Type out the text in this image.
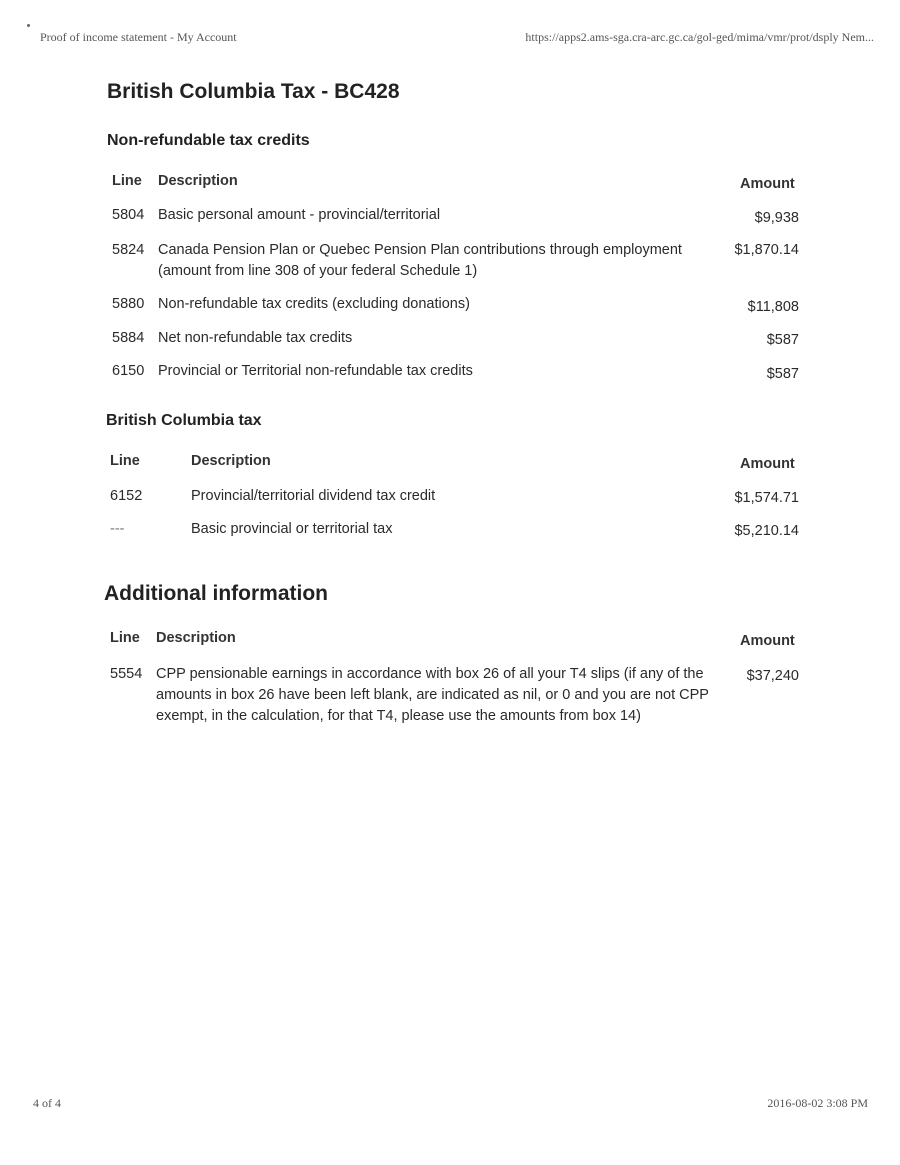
Proof of income statement - My Account	https://apps2.ams-sga.cra-arc.gc.ca/gol-ged/mima/vmr/prot/dsply Nem...
British Columbia Tax - BC428
Non-refundable tax credits
Line Description	Amount
5804 Basic personal amount - provincial/territorial	$9,938
5824 Canada Pension Plan or Quebec Pension Plan contributions through employment (amount from line 308 of your federal Schedule 1)
$1,870.14
5880 Non-refundable tax credits (excluding donations)	$11,808
5884 Net non-refundable tax credits	$587
6150 Provincial or Territorial non-refundable tax credits	$587
British Columbia tax
Line	Description	Amount
6152	Provincial/territorial dividend tax credit	$1,574.71
---	Basic provincial or territorial tax	$5,210.14
Additional information
Line Description	Amount
5554 CPP pensionable earnings in accordance with box 26 of all your T4 slips (if any of the amounts in box 26 have been left blank, are indicated as nil, or 0 and you are not CPP exempt, in the calculation, for that T4, please use the amounts from box 14)
$37,240
4 of 4	2016-08-02 3:08 PM
